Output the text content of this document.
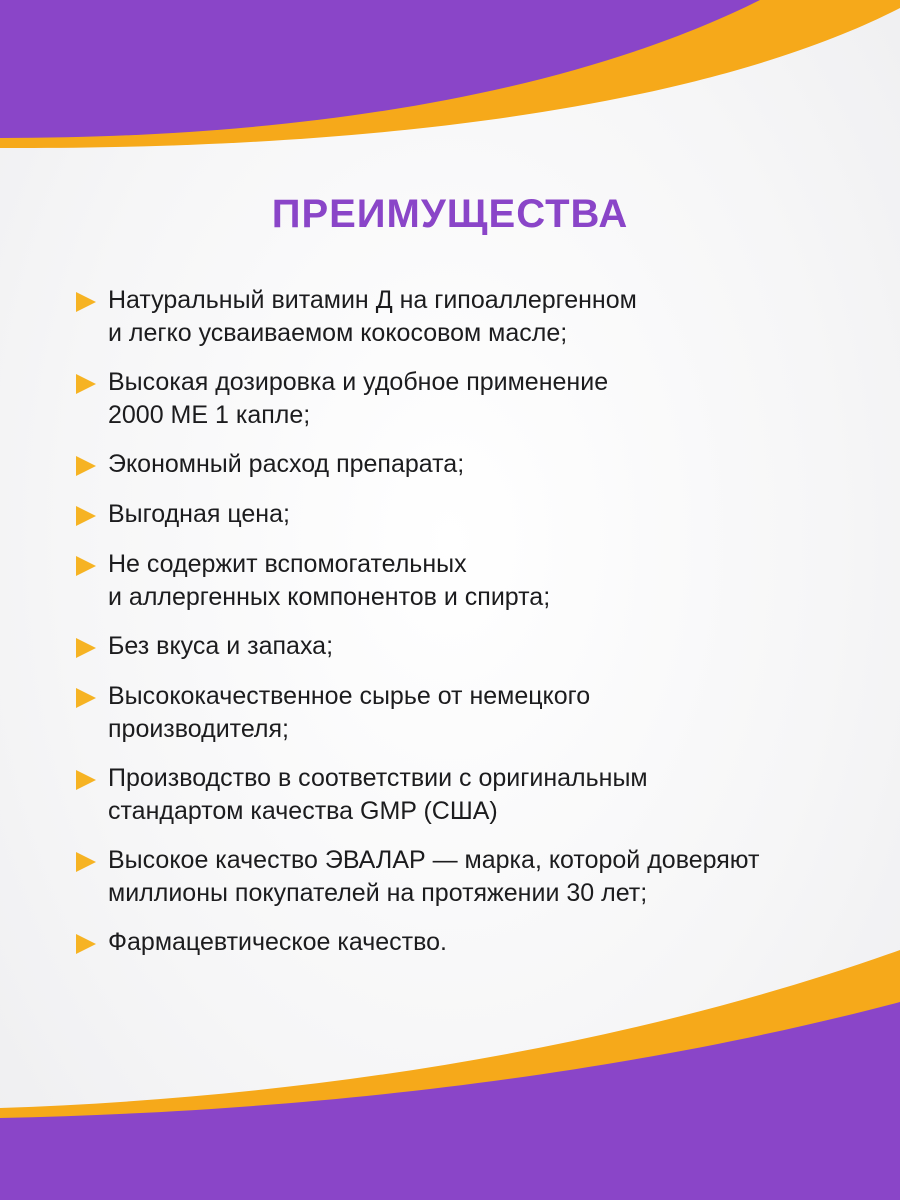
ПРЕИМУЩЕСТВА
Натуральный витамин Д на гипоаллергенном
и легко усваиваемом кокосовом масле;
Высокая дозировка и удобное применение
2000 МЕ 1 капле;
Экономный расход препарата;
Выгодная цена;
Не содержит вспомогательных
и аллергенных компонентов и спирта;
Без вкуса и запаха;
Высококачественное сырье от немецкого
производителя;
Производство в соответствии с оригинальным
стандартом качества GMP (США)
Высокое качество ЭВАЛАР — марка, которой доверяют
миллионы покупателей на протяжении 30 лет;
Фармацевтическое качество.
